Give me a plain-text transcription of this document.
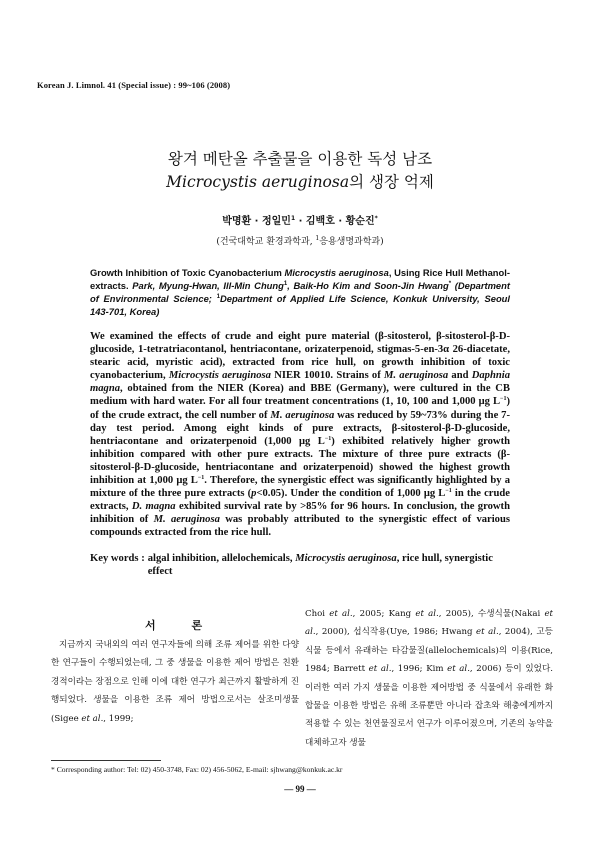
Korean J. Limnol. 41 (Special issue) : 99~106 (2008)
왕겨 메탄올 추출물을 이용한 독성 남조
Microcystis aeruginosa의 생장 억제
박명환 · 정일민$^1$ · 김백호 · 황순진*
(건국대학교 환경과학과, $^1$응용생명과학과)
Growth Inhibition of Toxic Cyanobacterium Microcystis aeruginosa, Using Rice Hull Methanol-extracts. Park, Myung-Hwan, Ill-Min Chung$^1$, Baik-Ho Kim and Soon-Jin Hwang* (Department of Environmental Science; $^1$Department of Applied Life Science, Konkuk University, Seoul 143-701, Korea)
We examined the effects of crude and eight pure material (β-sitosterol, β-sitosterol-β-D-glucoside, 1-tetratriacontanol, hentriacontane, orizaterpenoid, stigmas-5-en-3α 26-diacetate, stearic acid, myristic acid), extracted from rice hull, on growth inhibition of toxic cyanobacterium, Microcystis aeruginosa NIER 10010. Strains of M. aeruginosa and Daphnia magna, obtained from the NIER (Korea) and BBE (Germany), were cultured in the CB medium with hard water. For all four treatment concentrations (1, 10, 100 and 1,000 μg $L^{-1}$) of the crude extract, the cell number of M. aeruginosa was reduced by 59~73% during the 7-day test period. Among eight kinds of pure extracts, β-sitosterol-β-D-glucoside, hentriacontane and orizaterpenoid (1,000 μg $L^{-1}$) exhibited relatively higher growth inhibition compared with other pure extracts. The mixture of three pure extracts (β-sitosterol-β-D-glucoside, hentriacontane and orizaterpenoid) showed the highest growth inhibition at 1,000 μg $L^{-1}$. Therefore, the synergistic effect was significantly highlighted by a mixture of the three pure extracts (p<0.05). Under the condition of 1,000 μg $L^{-1}$ in the crude extracts, D. magna exhibited survival rate by >85% for 96 hours. In conclusion, the growth inhibition of M. aeruginosa was probably attributed to the synergistic effect of various compounds extracted from the rice hull.
Key words : algal inhibition, allelochemicals, Microcystis aeruginosa, rice hull, synergistic effect
서 론
지금까지 국내외의 여러 연구자들에 의해 조류 제어를 위한 다양한 연구들이 수행되었는데, 그 중 생물을 이용한 제어 방법은 친환경적이라는 장점으로 인해 이에 대한 연구가 최근까지 활발하게 진행되었다. 생물을 이용한 조류 제어 방법으로서는 살조미생물(Sigee et al., 1999;
Choi et al., 2005; Kang et al., 2005), 수생식물(Nakai et al., 2000), 섭식작용(Uye, 1986; Hwang et al., 2004), 고등식물 등에서 유래하는 타감물질(allelochemicals)의 이용(Rice, 1984; Barrett et al., 1996; Kim et al., 2006) 등이 있었다. 이러한 여러 가지 생물을 이용한 제어방법 중 식물에서 유래한 화합물을 이용한 방법은 유해 조류뿐만 아니라 잡초와 해충에게까지 적용할 수 있는 천연물질로서 연구가 이루어졌으며, 기존의 농약을 대체하고자 생물
* Corresponding author: Tel: 02) 450-3748, Fax: 02) 456-5062, E-mail: sjhwang@konkuk.ac.kr
— 99 —
